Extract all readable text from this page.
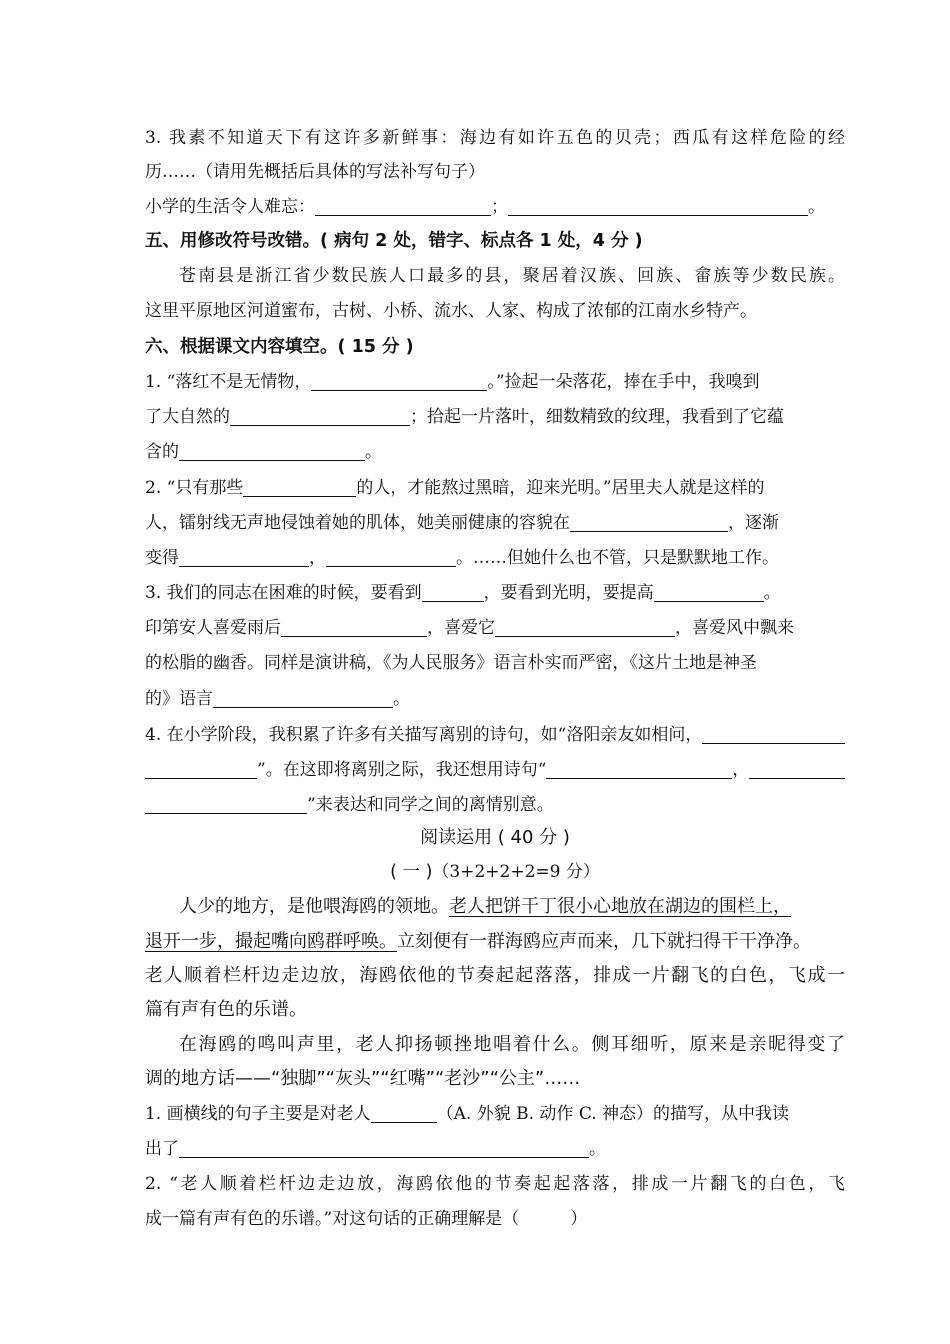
3. 我素不知道天下有这许多新鲜事：海边有如许五色的贝壳；西瓜有这样危险的经
历……（请用先概括后具体的写法补写句子）
小学的生活令人难忘：	；	。
五、用修改符号改错。( 病句 2 处，错字、标点各 1 处，4 分 )
苍南县是浙江省少数民族人口最多的县，聚居着汉族、回族、畲族等少数民族。
这里平原地区河道蜜布，古树、小桥、流水、人家、构成了浓郁的江南水乡特产。
六、根据课文内容填空。( 15 分 )
1. “落红不是无情物，	。”捡起一朵落花，捧在手中，我嗅到
了大自然的	；拾起一片落叶，细数精致的纹理，我看到了它蕴
含的	。
2. “只有那些	的人，才能熬过黑暗，迎来光明。”居里夫人就是这样的
人，镭射线无声地侵蚀着她的肌体，她美丽健康的容貌在	，逐渐
变得	，	。……但她什么也不管，只是默默地工作。
3. 我们的同志在困难的时候，要看到	，要看到光明，要提高	。
印第安人喜爱雨后	，喜爱它	，喜爱风中飘来
的松脂的幽香。同样是演讲稿，《为人民服务》语言朴实而严密，《这片土地是神圣
的》语言	。
4. 在小学阶段，我积累了许多有关描写离别的诗句，如“洛阳亲友如相问，
”。在这即将离别之际，我还想用诗句“	，
”来表达和同学之间的离情别意。
阅读运用 ( 40 分 )
( 一 )（3+2+2+2=9 分）
人少的地方，是他喂海鸥的领地。老人把饼干丁很小心地放在湖边的围栏上，
退开一步，撮起嘴向鸥群呼唤。立刻便有一群海鸥应声而来，几下就扫得干干净净。
老人顺着栏杆边走边放，海鸥依他的节奏起起落落，排成一片翻飞的白色，飞成一
篇有声有色的乐谱。
在海鸥的鸣叫声里，老人抑扬顿挫地唱着什么。侧耳细听，原来是亲昵得变了
调的地方话——“独脚”“灰头”“红嘴”“老沙”“公主”……
1. 画横线的句子主要是对老人	（A. 外貌 B. 动作 C. 神态）的描写，从中我读
出了	。
2. “老人顺着栏杆边走边放，海鸥依他的节奏起起落落，排成一片翻飞的白色，飞
成一篇有声有色的乐谱。”对这句话的正确理解是（　　　）
